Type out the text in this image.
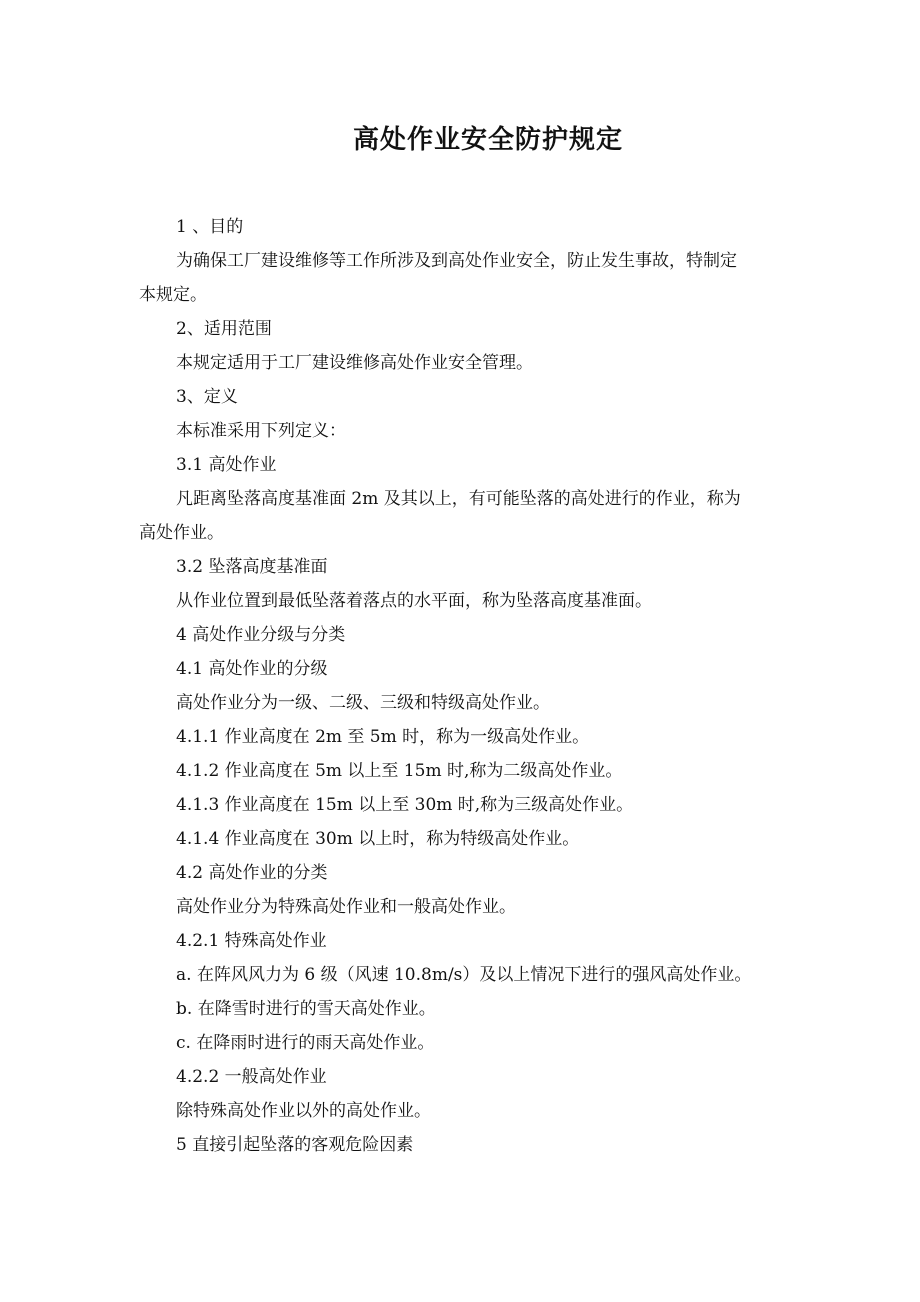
高处作业安全防护规定

1 、目的

为确保工厂建设维修等工作所涉及到高处作业安全，防止发生事故，特制定

本规定。

2、适用范围

本规定适用于工厂建设维修高处作业安全管理。

3、定义

本标准采用下列定义：

3.1 高处作业

凡距离坠落高度基准面 2m 及其以上，有可能坠落的高处进行的作业，称为

高处作业。

3.2 坠落高度基准面

从作业位置到最低坠落着落点的水平面，称为坠落高度基准面。

4 高处作业分级与分类

4.1 高处作业的分级

高处作业分为一级、二级、三级和特级高处作业。

4.1.1 作业高度在 2m 至 5m 时，称为一级高处作业。

4.1.2 作业高度在 5m 以上至 15m 时,称为二级高处作业。

4.1.3 作业高度在 15m 以上至 30m 时,称为三级高处作业。

4.1.4 作业高度在 30m 以上时，称为特级高处作业。

4.2 高处作业的分类

高处作业分为特殊高处作业和一般高处作业。

4.2.1 特殊高处作业

a. 在阵风风力为 6 级（风速 10.8m/s）及以上情况下进行的强风高处作业。

b. 在降雪时进行的雪天高处作业。

c. 在降雨时进行的雨天高处作业。

4.2.2 一般高处作业

除特殊高处作业以外的高处作业。

5 直接引起坠落的客观危险因素
